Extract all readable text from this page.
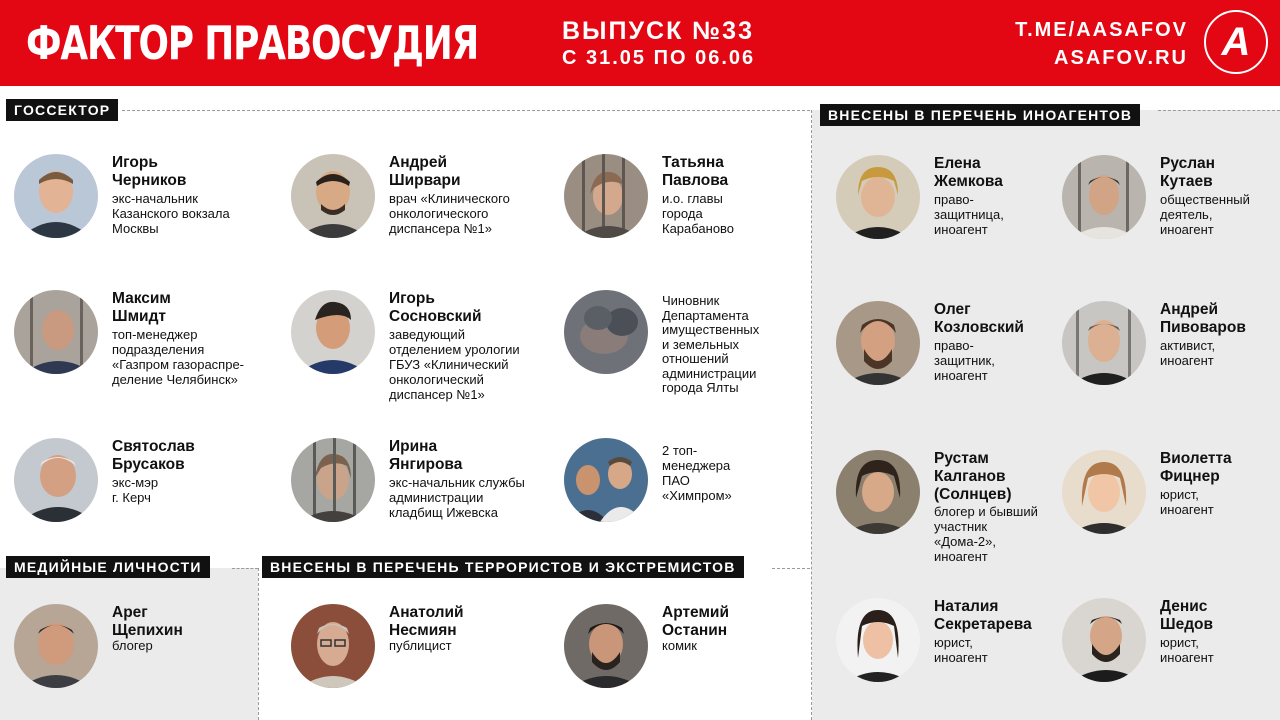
ФАКТОР ПРАВОСУДИЯ	ВЫПУСК №33
С 31.05 ПО 06.06
T.ME/AASAFOV
ASAFOV.RU А
ГОССЕКТОР	ВНЕСЕНЫ В ПЕРЕЧЕНЬ ИНОАГЕНТОВ
МЕДИЙНЫЕ ЛИЧНОСТИ	ВНЕСЕНЫ В ПЕРЕЧЕНЬ ТЕРРОРИСТОВ И ЭКСТРЕМИСТОВ
Игорь
Черников
экс-начальник
Казанского вокзала
Москвы
Андрей
Ширвари
врач «Клинического
онкологического
диспансера №1»
Татьяна
Павлова
и.о. главы
города
Карабаново
Максим
Шмидт
топ-менеджер
подразделения
«Газпром газораспре-
деление Челябинск»
Игорь
Сосновский
заведующий
отделением урологии
ГБУЗ «Клинический
онкологический
диспансер №1»
Чиновник
Департамента
имущественных
и земельных
отношений
администрации
города Ялты
Святослав
Брусаков
экс-мэр
г. Керч
Ирина
Янгирова
экс-начальник службы
администрации
кладбищ Ижевска
2 топ-
менеджера
ПАО
«Химпром»
Арег
Щепихин
блогер
Анатолий
Несмиян
публицист
Артемий
Останин
комик
Елена
Жемкова
право-
защитница,
иноагент
Руслан
Кутаев
общественный
деятель,
иноагент
Олег
Козловский
право-
защитник,
иноагент
Андрей
Пивоваров
активист,
иноагент
Рустам
Калганов
(Солнцев)
блогер и бывший
участник
«Дома-2»,
иноагент
Виолетта
Фицнер
юрист,
иноагент
Наталия
Секретарева
юрист,
иноагент
Денис
Шедов
юрист,
иноагент
